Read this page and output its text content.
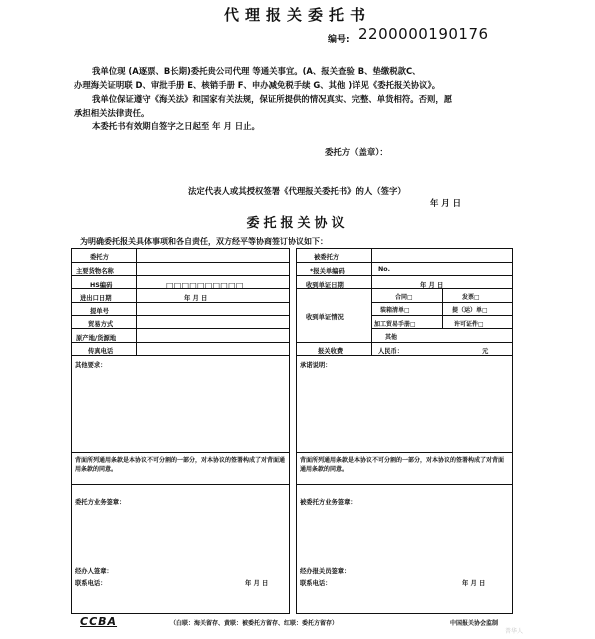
代理报关委托书
编号: 2200000190176
我单位现 (A逐票、B长期)委托贵公司代理 等通关事宜。(A、报关查验 B、垫缴税款C、
办理海关证明联 D、审批手册 E、核销手册 F、申办减免税手续 G、其他 )详见《委托报关协议》。
我单位保证遵守《海关法》和国家有关法规，保证所提供的情况真实、完整、单货相符。否则，愿
承担相关法律责任。
本委托书有效期自签字之日起至 年 月 日止。
委托方（盖章）：
法定代表人或其授权签署《代理报关委托书》的人（签字）
年 月 日
委托报关协议
为明确委托报关具体事项和各自责任，双方经平等协商签订协议如下：
委托方
主要货物名称
HS编码	□□□□□□□□□□
进出口日期	年 月 日
提单号
贸易方式
原产地/货源地
传真电话
其他要求：
背面所列通用条款是本协议不可分割的一部分，对本协议的签署构成了对背面通用条款的同意。
委托方业务签章：
经办人签章：
联系电话：	年 月 日
被委托方
*报关单编码	No.
收到单证日期	年 月 日
收到单证情况
合同□	发票□
装箱清单□	提（运）单□
加工贸易手册□	许可证件□
其他
报关收费	人民币：	元
承诺说明：
背面所列通用条款是本协议不可分割的一部分，对本协议的签署构成了对背面通用条款的同意。
被委托方业务签章：
经办报关员签章：
联系电话：	年 月 日
CCBA	（白联：海关留存、黄联：被委托方留存、红联：委托方留存）	中国报关协会监制
普华人
